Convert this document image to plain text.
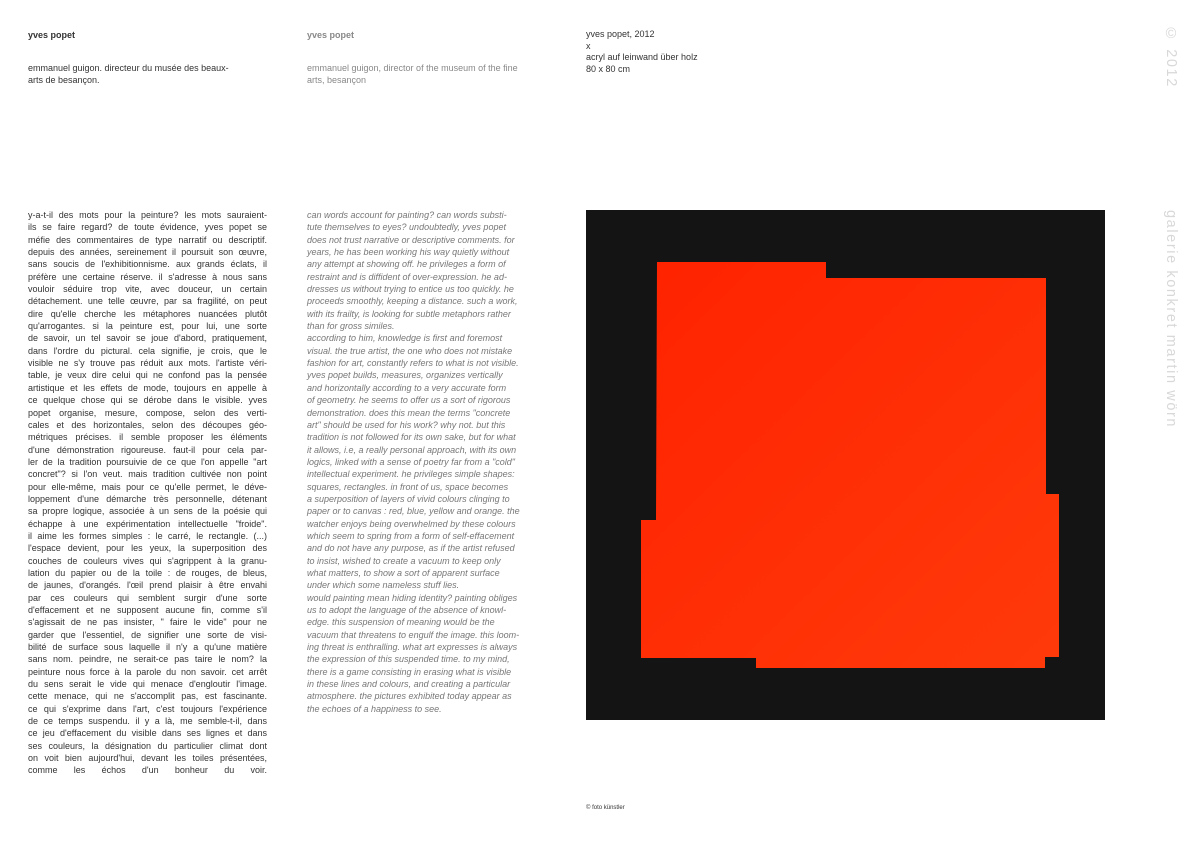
yves popet

emmanuel guigon. directeur du musée des beaux-
arts de besançon.

y-a-t-il des mots pour la peinture? les mots sauraient-
ils se faire regard? de toute évidence, yves popet se
méfie des commentaires de type narratif ou descriptif.
depuis des années, sereinement il poursuit son œuvre,
sans soucis de l'exhibitionnisme. aux grands éclats, il
préfère une certaine réserve. il s'adresse à nous sans
vouloir séduire trop vite, avec douceur, un certain
détachement. une telle œuvre, par sa fragilité, on peut
dire qu'elle cherche les métaphores nuancées plutôt
qu'arrogantes. si la peinture est, pour lui, une sorte
de savoir, un tel savoir se joue d'abord, pratiquement,
dans l'ordre du pictural. cela signifie, je crois, que le
visible ne s'y trouve pas réduit aux mots. l'artiste véri-
table, je veux dire celui qui ne confond pas la pensée
artistique et les effets de mode, toujours en appelle à
ce quelque chose qui se dérobe dans le visible. yves
popet organise, mesure, compose, selon des verti-
cales et des horizontales, selon des découpes géo-
métriques précises. il semble proposer les éléments
d'une démonstration rigoureuse. faut-il pour cela par-
ler de la tradition poursuivie de ce que l'on appelle "art
concret"? si l'on veut. mais tradition cultivée non point
pour elle-même, mais pour ce qu'elle permet, le déve-
loppement d'une démarche très personnelle, détenant
sa propre logique, associée à un sens de la poésie qui
échappe à une expérimentation intellectuelle "froide".
il aime les formes simples : le carré, le rectangle. (...)
l'espace devient, pour les yeux, la superposition des
couches de couleurs vives qui s'agrippent à la granu-
lation du papier ou de la toile : de rouges, de bleus,
de jaunes, d'orangés. l'œil prend plaisir à être envahi
par ces couleurs qui semblent surgir d'une sorte
d'effacement et ne supposent aucune fin, comme s'il
s'agissait de ne pas insister, " faire le vide" pour ne
garder que l'essentiel, de signifier une sorte de visi-
bilité de surface sous laquelle il n'y a qu'une matière
sans nom. peindre, ne serait-ce pas taire le nom? la
peinture nous force à la parole du non savoir. cet arrêt
du sens serait le vide qui menace d'engloutir l'image.
cette menace, qui ne s'accomplit pas, est fascinante.
ce qui s'exprime dans l'art, c'est toujours l'expérience
de ce temps suspendu. il y a là, me semble-t-il, dans
ce jeu d'effacement du visible dans ses lignes et dans
ses couleurs, la désignation du particulier climat dont
on voit bien aujourd'hui, devant les toiles présentées,
comme les échos d'un bonheur du voir.

yves popet

emmanuel guigon, director of the museum of the fine
arts, besançon

can words account for painting? can words substi-
tute themselves to eyes? undoubtedly, yves popet
does not trust narrative or descriptive comments. for
years, he has been working his way quietly without
any attempt at showing off. he privileges a form of
restraint and is diffident of over-expression. he ad-
dresses us without trying to entice us too quickly. he
proceeds smoothly, keeping a distance. such a work,
with its frailty, is looking for subtle metaphors rather
than for gross similes.
according to him, knowledge is first and foremost
visual. the true artist, the one who does not mistake
fashion for art, constantly refers to what is not visible.
yves popet builds, measures, organizes vertically
and horizontally according to a very accurate form
of geometry. he seems to offer us a sort of rigorous
demonstration. does this mean the terms "concrete
art" should be used for his work? why not. but this
tradition is not followed for its own sake, but for what
it allows, i.e, a really personal approach, with its own
logics, linked with a sense of poetry far from a "cold"
intellectual experiment. he privileges simple shapes:
squares, rectangles. in front of us, space becomes
a superposition of layers of vivid colours clinging to
paper or to canvas : red, blue, yellow and orange. the
watcher enjoys being overwhelmed by these colours
which seem to spring from a form of self-effacement
and do not have any purpose, as if the artist refused
to insist, wished to create a vacuum to keep only
what matters, to show a sort of apparent surface
under which some nameless stuff lies.
would painting mean hiding identity? painting obliges
us to adopt the language of the absence of knowl-
edge. this suspension of meaning would be the
vacuum that threatens to engulf the image. this loom-
ing threat is enthralling. what art expresses is always
the expression of this suspended time. to my mind,
there is a game consisting in erasing what is visible
in these lines and colours, and creating a particular
atmosphere. the pictures exhibited today appear as
the echoes of a happiness to see.
yves popet, 2012
x
acryl auf leinwand über holz
80 x 80 cm
© foto künstler
© 2012
galerie konkret martin wörn
